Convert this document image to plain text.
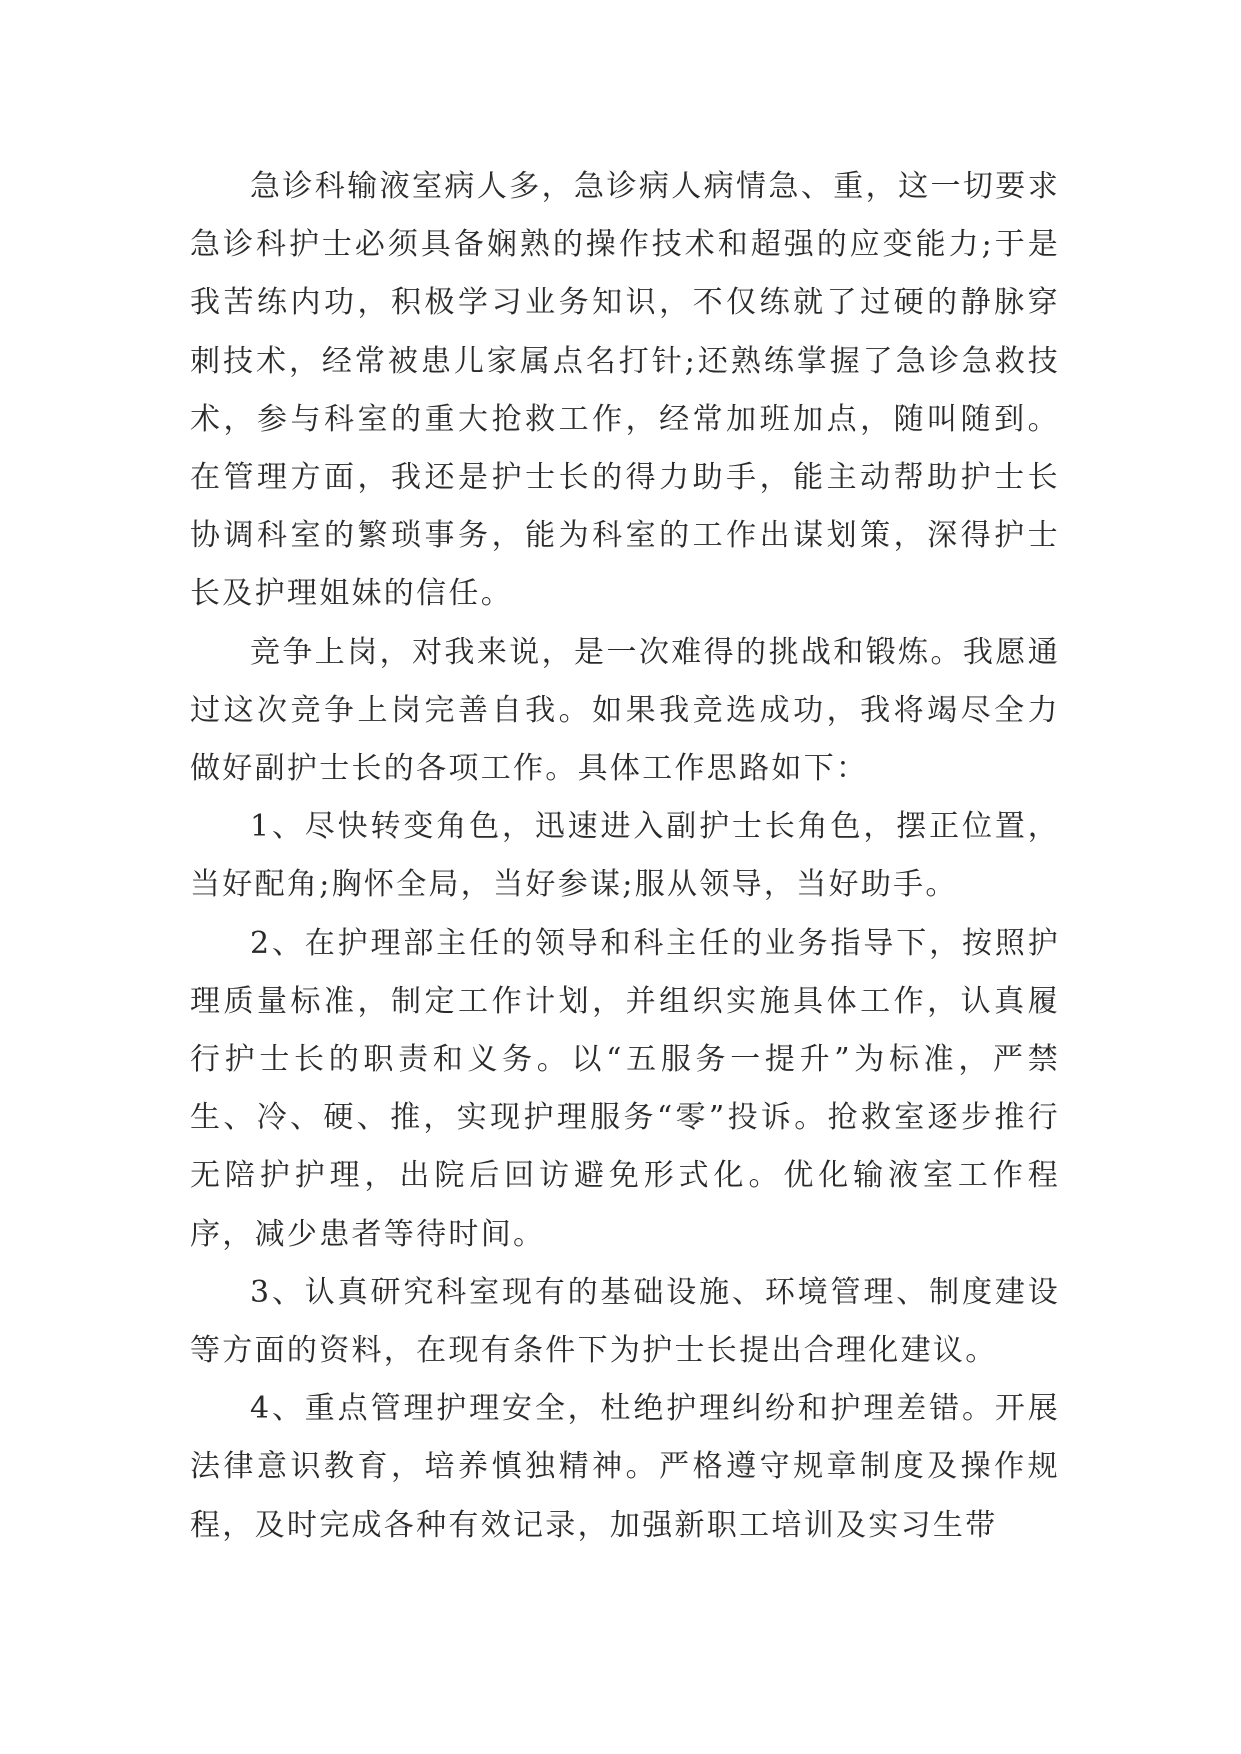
急诊科输液室病人多，急诊病人病情急、重，这一切要求急诊科护士必须具备娴熟的操作技术和超强的应变能力;于是我苦练内功，积极学习业务知识，不仅练就了过硬的静脉穿刺技术，经常被患儿家属点名打针;还熟练掌握了急诊急救技术，参与科室的重大抢救工作，经常加班加点，随叫随到。在管理方面，我还是护士长的得力助手，能主动帮助护士长协调科室的繁琐事务，能为科室的工作出谋划策，深得护士长及护理姐妹的信任。

竞争上岗，对我来说，是一次难得的挑战和锻炼。我愿通过这次竞争上岗完善自我。如果我竞选成功，我将竭尽全力做好副护士长的各项工作。具体工作思路如下：

1、尽快转变角色，迅速进入副护士长角色，摆正位置，当好配角;胸怀全局，当好参谋;服从领导，当好助手。

2、在护理部主任的领导和科主任的业务指导下，按照护理质量标准，制定工作计划，并组织实施具体工作，认真履行护士长的职责和义务。以“五服务一提升”为标准，严禁生、冷、硬、推，实现护理服务“零”投诉。抢救室逐步推行无陪护护理，出院后回访避免形式化。优化输液室工作程序，减少患者等待时间。

3、认真研究科室现有的基础设施、环境管理、制度建设等方面的资料，在现有条件下为护士长提出合理化建议。

4、重点管理护理安全，杜绝护理纠纷和护理差错。开展法律意识教育，培养慎独精神。严格遵守规章制度及操作规程，及时完成各种有效记录，加强新职工培训及实习生带
